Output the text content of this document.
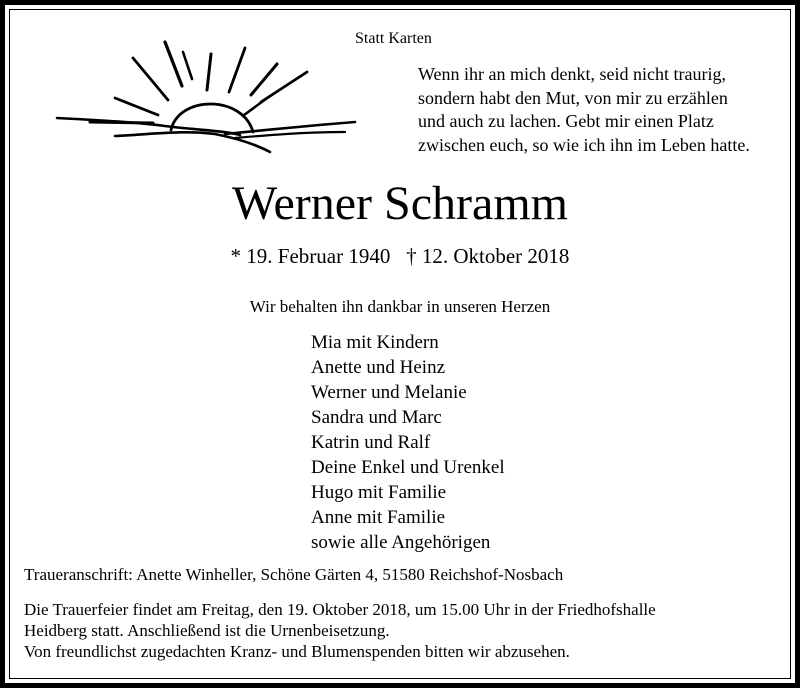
Statt Karten
Wenn ihr an mich denkt, seid nicht traurig,
sondern habt den Mut, von mir zu erzählen
und auch zu lachen. Gebt mir einen Platz
zwischen euch, so wie ich ihn im Leben hatte.
Werner Schramm
* 19. Februar 1940 † 12. Oktober 2018
Wir behalten ihn dankbar in unseren Herzen
Mia mit Kindern
Anette und Heinz
Werner und Melanie
Sandra und Marc
Katrin und Ralf
Deine Enkel und Urenkel
Hugo mit Familie
Anne mit Familie
sowie alle Angehörigen
Traueranschrift: Anette Winheller, Schöne Gärten 4, 51580 Reichshof-Nosbach
Die Trauerfeier findet am Freitag, den 19. Oktober 2018, um 15.00 Uhr in der Friedhofshalle
Heidberg statt. Anschließend ist die Urnenbeisetzung.
Von freundlichst zugedachten Kranz- und Blumenspenden bitten wir abzusehen.
